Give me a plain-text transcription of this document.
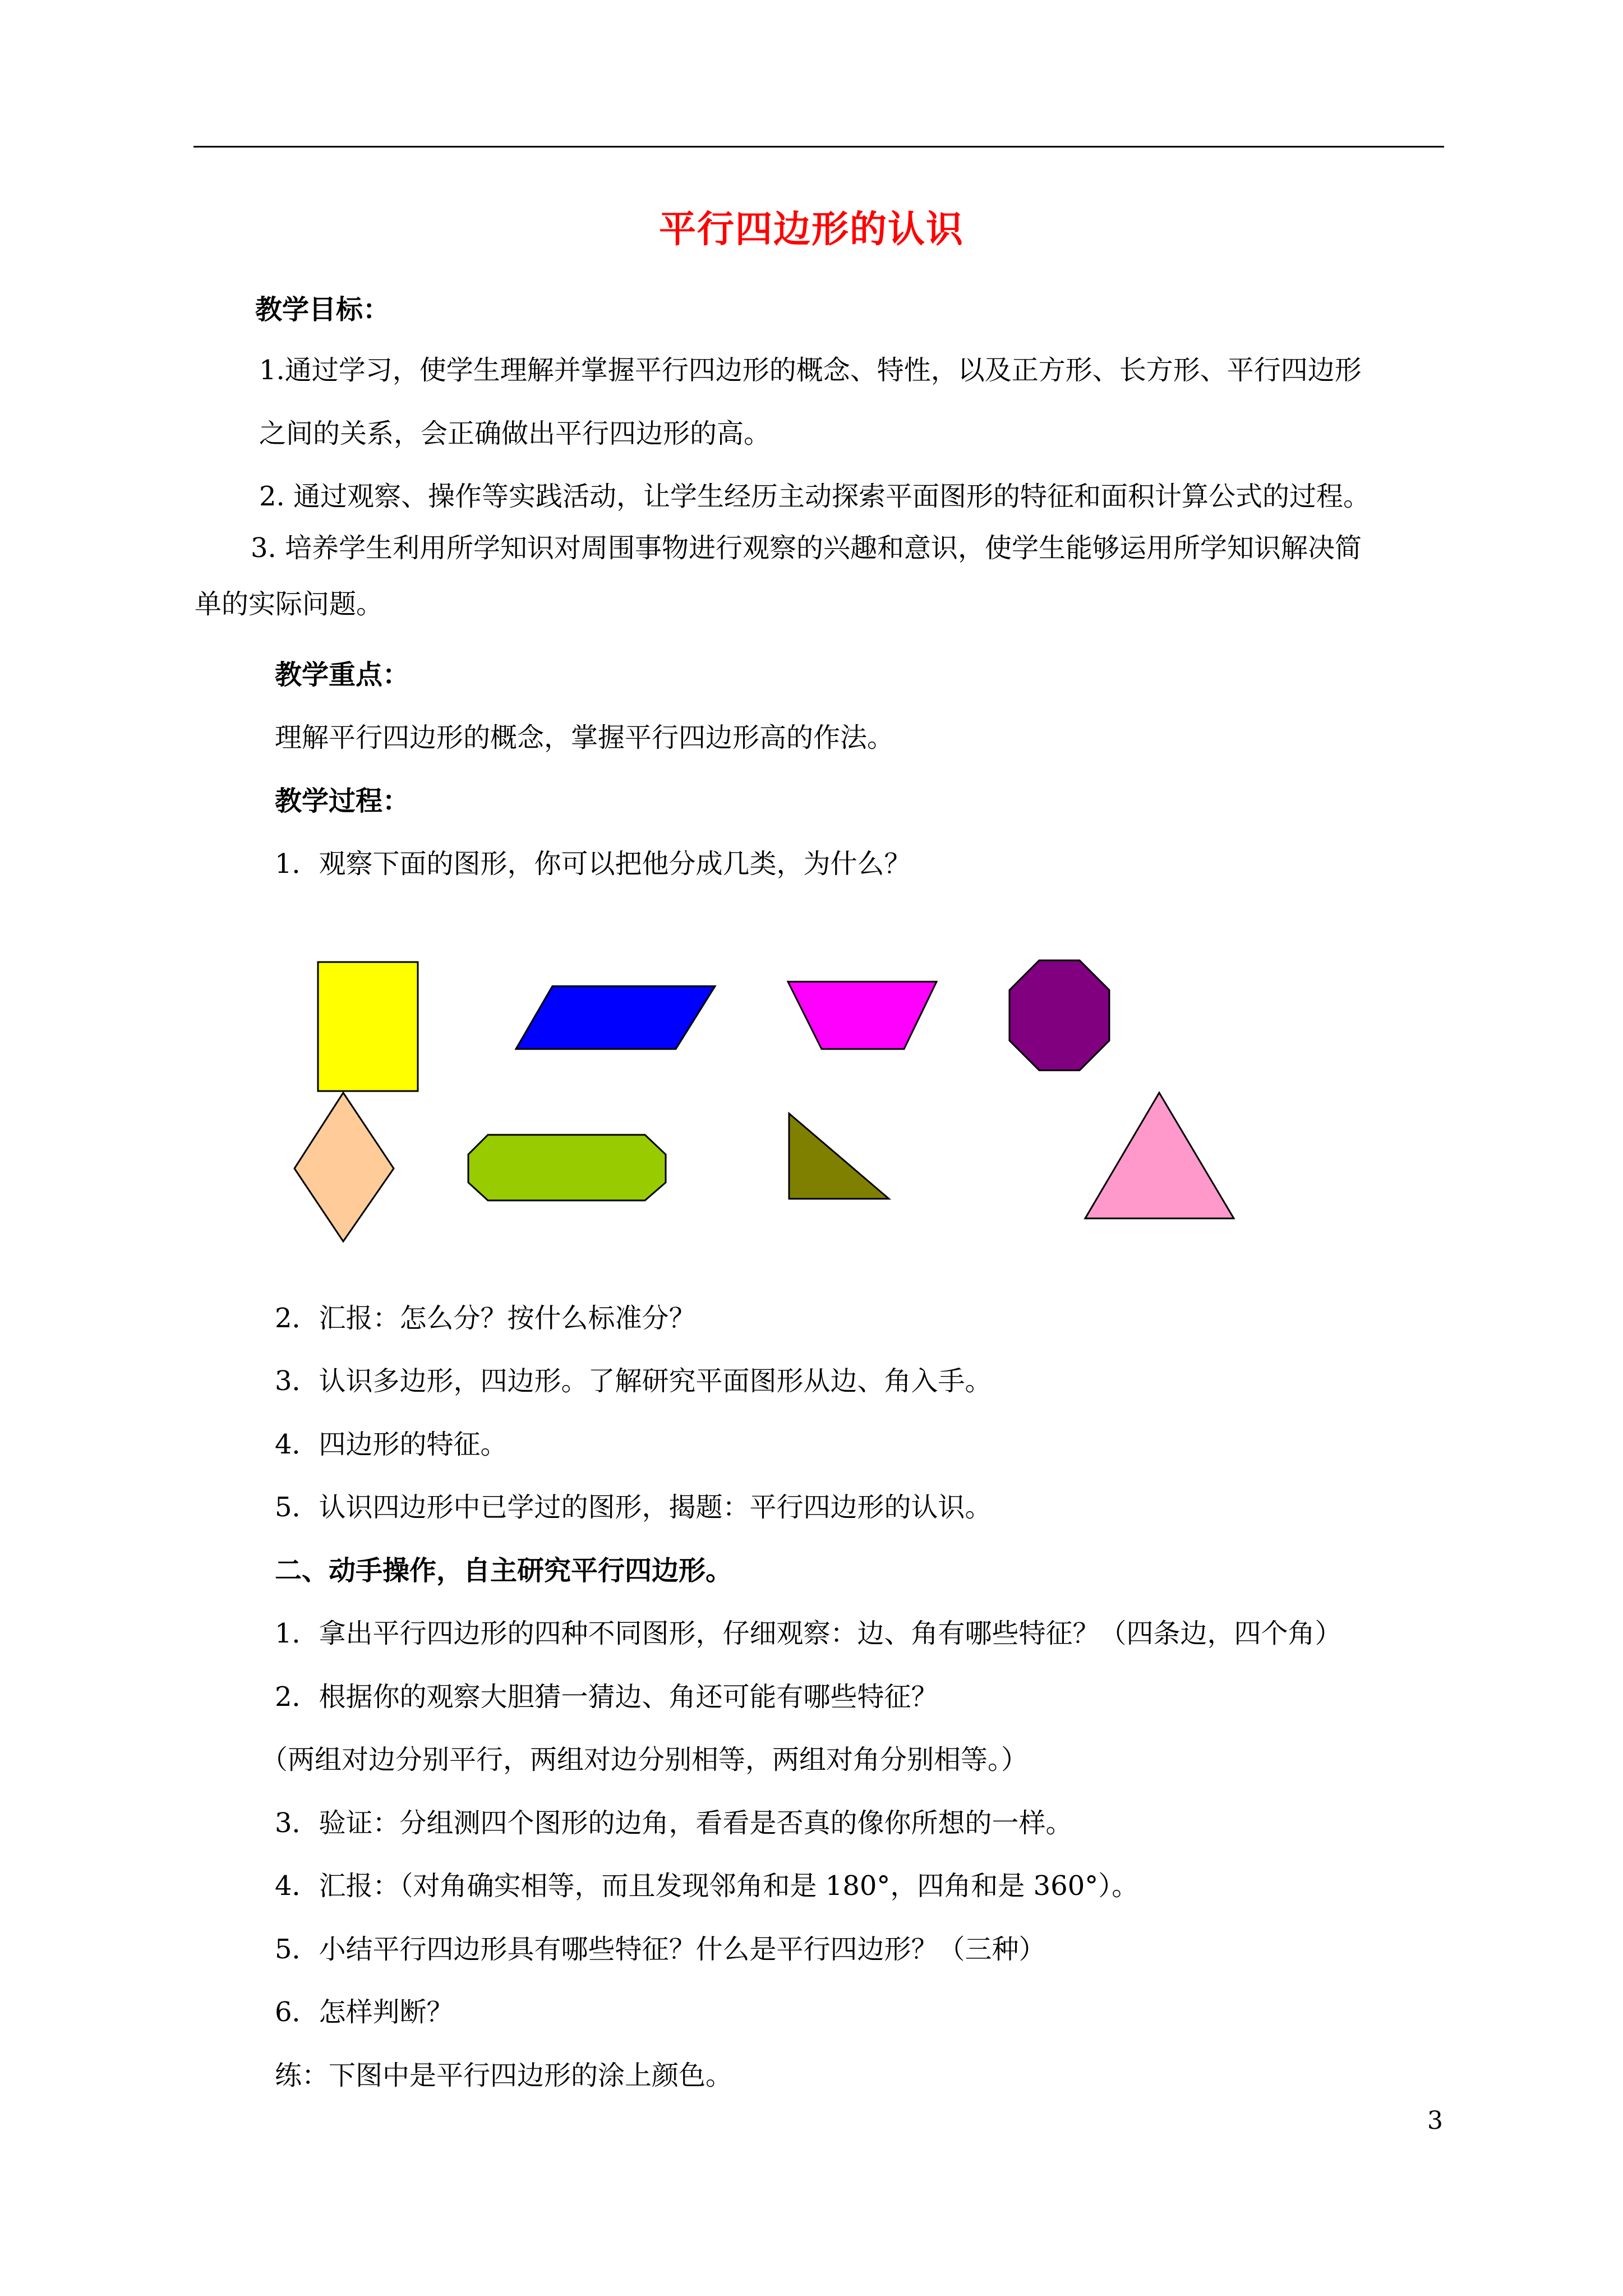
平行四边形的认识
教学目标：
1.通过学习，使学生理解并掌握平行四边形的概念、特性，以及正方形、长方形、平行四边形
之间的关系，会正确做出平行四边形的高。
2. 通过观察、操作等实践活动，让学生经历主动探索平面图形的特征和面积计算公式的过程。
3. 培养学生利用所学知识对周围事物进行观察的兴趣和意识，使学生能够运用所学知识解决简
单的实际问题。
教学重点：
理解平行四边形的概念，掌握平行四边形高的作法。
教学过程：
1．观察下面的图形，你可以把他分成几类，为什么？
2．汇报：怎么分？按什么标准分？
3．认识多边形，四边形。了解研究平面图形从边、角入手。
4．四边形的特征。
5．认识四边形中已学过的图形，揭题：平行四边形的认识。
二、动手操作，自主研究平行四边形。
1．拿出平行四边形的四种不同图形，仔细观察：边、角有哪些特征？（四条边，四个角）
2．根据你的观察大胆猜一猜边、角还可能有哪些特征？
（两组对边分别平行，两组对边分别相等，两组对角分别相等。）
3．验证：分组测四个图形的边角，看看是否真的像你所想的一样。
4．汇报：（对角确实相等，而且发现邻角和是 180°，四角和是 360°）。
5．小结平行四边形具有哪些特征？什么是平行四边形？（三种）
6．怎样判断？
练：下图中是平行四边形的涂上颜色。
3
